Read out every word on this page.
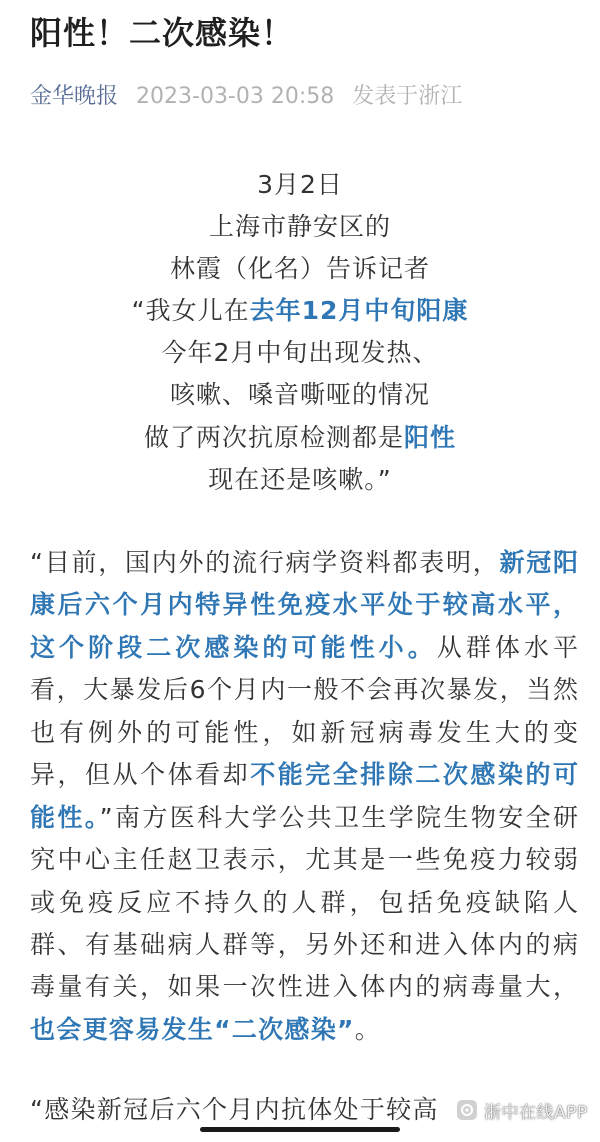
阳性！二次感染！
金华晚报 2023-03-03 20:58 发表于浙江
3月2日
上海市静安区的
林霞（化名）告诉记者
“我女儿在去年12月中旬阳康
今年2月中旬出现发热、
咳嗽、嗓音嘶哑的情况
做了两次抗原检测都是阳性
现在还是咳嗽。”
“目前，国内外的流行病学资料都表明，新冠阳
康后六个月内特异性免疫水平处于较高水平，
这个阶段二次感染的可能性小。从群体水平
看，大暴发后6个月内一般不会再次暴发，当然
也有例外的可能性，如新冠病毒发生大的变
异，但从个体看却不能完全排除二次感染的可
能性。”南方医科大学公共卫生学院生物安全研
究中心主任赵卫表示，尤其是一些免疫力较弱
或免疫反应不持久的人群，包括免疫缺陷人
群、有基础病人群等，另外还和进入体内的病
毒量有关，如果一次性进入体内的病毒量大，
也会更容易发生“二次感染”。
“感染新冠后六个月内抗体处于较高	浙中在线APP
